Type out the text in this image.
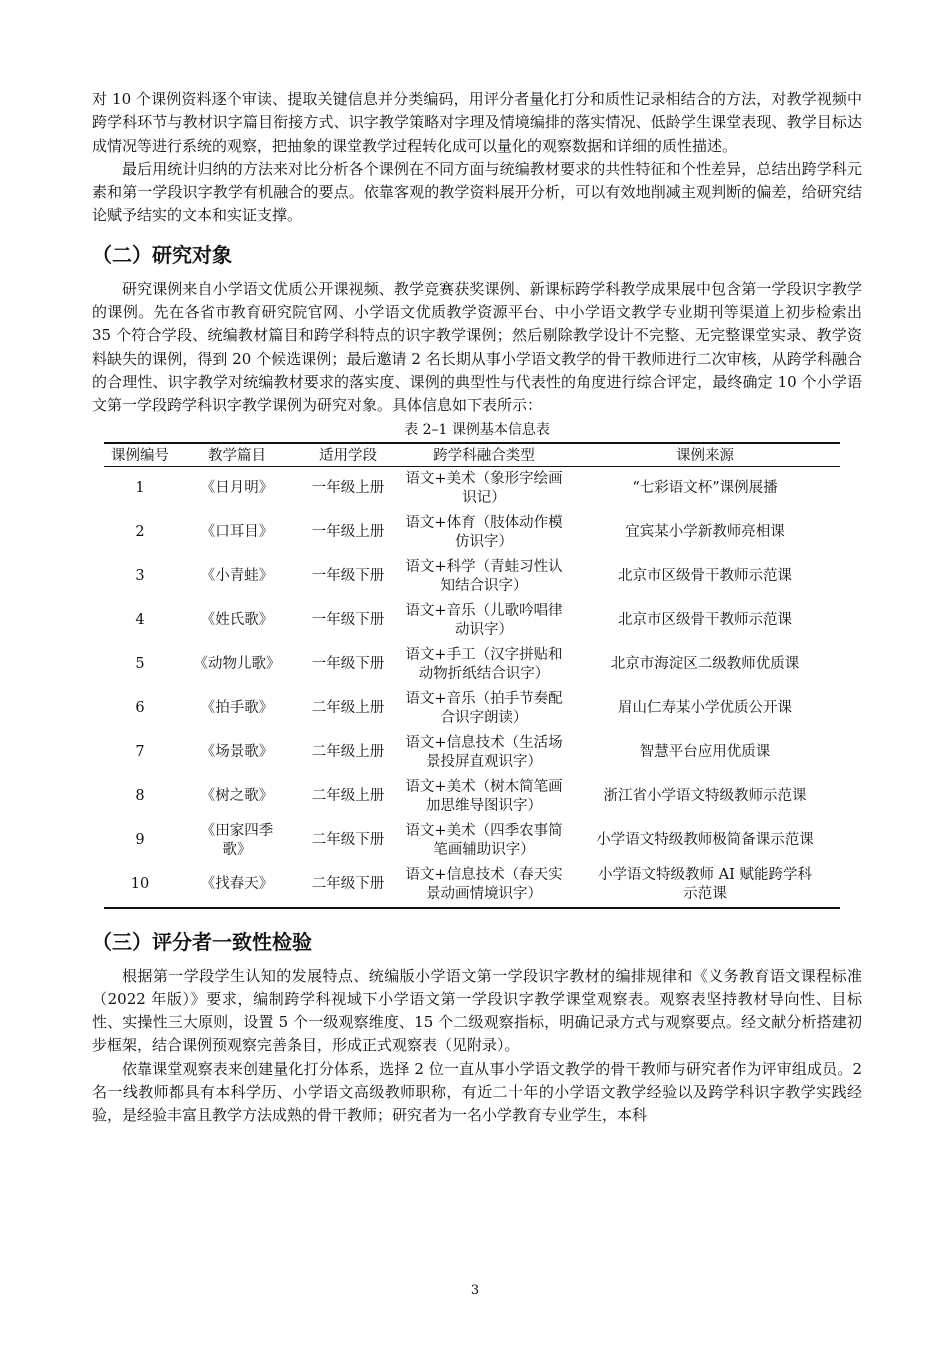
对 10 个课例资料逐个审读、提取关键信息并分类编码，用评分者量化打分和质性记录相结合的方法，对教学视频中跨学科环节与教材识字篇目衔接方式、识字教学策略对字理及情境编排的落实情况、低龄学生课堂表现、教学目标达成情况等进行系统的观察，把抽象的课堂教学过程转化成可以量化的观察数据和详细的质性描述。

最后用统计归纳的方法来对比分析各个课例在不同方面与统编教材要求的共性特征和个性差异，总结出跨学科元素和第一学段识字教学有机融合的要点。依靠客观的教学资料展开分析，可以有效地削减主观判断的偏差，给研究结论赋予结实的文本和实证支撑。

（二）研究对象

研究课例来自小学语文优质公开课视频、教学竞赛获奖课例、新课标跨学科教学成果展中包含第一学段识字教学的课例。先在各省市教育研究院官网、小学语文优质教学资源平台、中小学语文教学专业期刊等渠道上初步检索出 35 个符合学段、统编教材篇目和跨学科特点的识字教学课例；然后剔除教学设计不完整、无完整课堂实录、教学资料缺失的课例，得到 20 个候选课例；最后邀请 2 名长期从事小学语文教学的骨干教师进行二次审核，从跨学科融合的合理性、识字教学对统编教材要求的落实度、课例的典型性与代表性的角度进行综合评定，最终确定 10 个小学语文第一学段跨学科识字教学课例为研究对象。具体信息如下表所示：

表 2–1 课例基本信息表
课例编号	教学篇目	适用学段	跨学科融合类型	课例来源
1	《日月明》	一年级上册	语文+美术（象形字绘画识记）	“七彩语文杯”课例展播
2	《口耳目》	一年级上册	语文+体育（肢体动作模仿识字）	宜宾某小学新教师亮相课
3	《小青蛙》	一年级下册	语文+科学（青蛙习性认知结合识字）	北京市区级骨干教师示范课
4	《姓氏歌》	一年级下册	语文+音乐（儿歌吟唱律动识字）	北京市区级骨干教师示范课
5	《动物儿歌》	一年级下册	语文+手工（汉字拼贴和动物折纸结合识字）	北京市海淀区二级教师优质课
6	《拍手歌》	二年级上册	语文+音乐（拍手节奏配合识字朗读）	眉山仁寿某小学优质公开课
7	《场景歌》	二年级上册	语文+信息技术（生活场景投屏直观识字）	智慧平台应用优质课
8	《树之歌》	二年级上册	语文+美术（树木简笔画加思维导图识字）	浙江省小学语文特级教师示范课
9	《田家四季歌》	二年级下册	语文+美术（四季农事简笔画辅助识字）	小学语文特级教师极简备课示范课
10	《找春天》	二年级下册	语文+信息技术（春天实景动画情境识字）	小学语文特级教师 AI 赋能跨学科示范课
（三）评分者一致性检验

根据第一学段学生认知的发展特点、统编版小学语文第一学段识字教材的编排规律和《义务教育语文课程标准（2022 年版）》要求，编制跨学科视域下小学语文第一学段识字教学课堂观察表。观察表坚持教材导向性、目标性、实操性三大原则，设置 5 个一级观察维度、15 个二级观察指标，明确记录方式与观察要点。经文献分析搭建初步框架，结合课例预观察完善条目，形成正式观察表（见附录）。

依靠课堂观察表来创建量化打分体系，选择 2 位一直从事小学语文教学的骨干教师与研究者作为评审组成员。2 名一线教师都具有本科学历、小学语文高级教师职称，有近二十年的小学语文教学经验以及跨学科识字教学实践经验，是经验丰富且教学方法成熟的骨干教师；研究者为一名小学教育专业学生，本科

3
